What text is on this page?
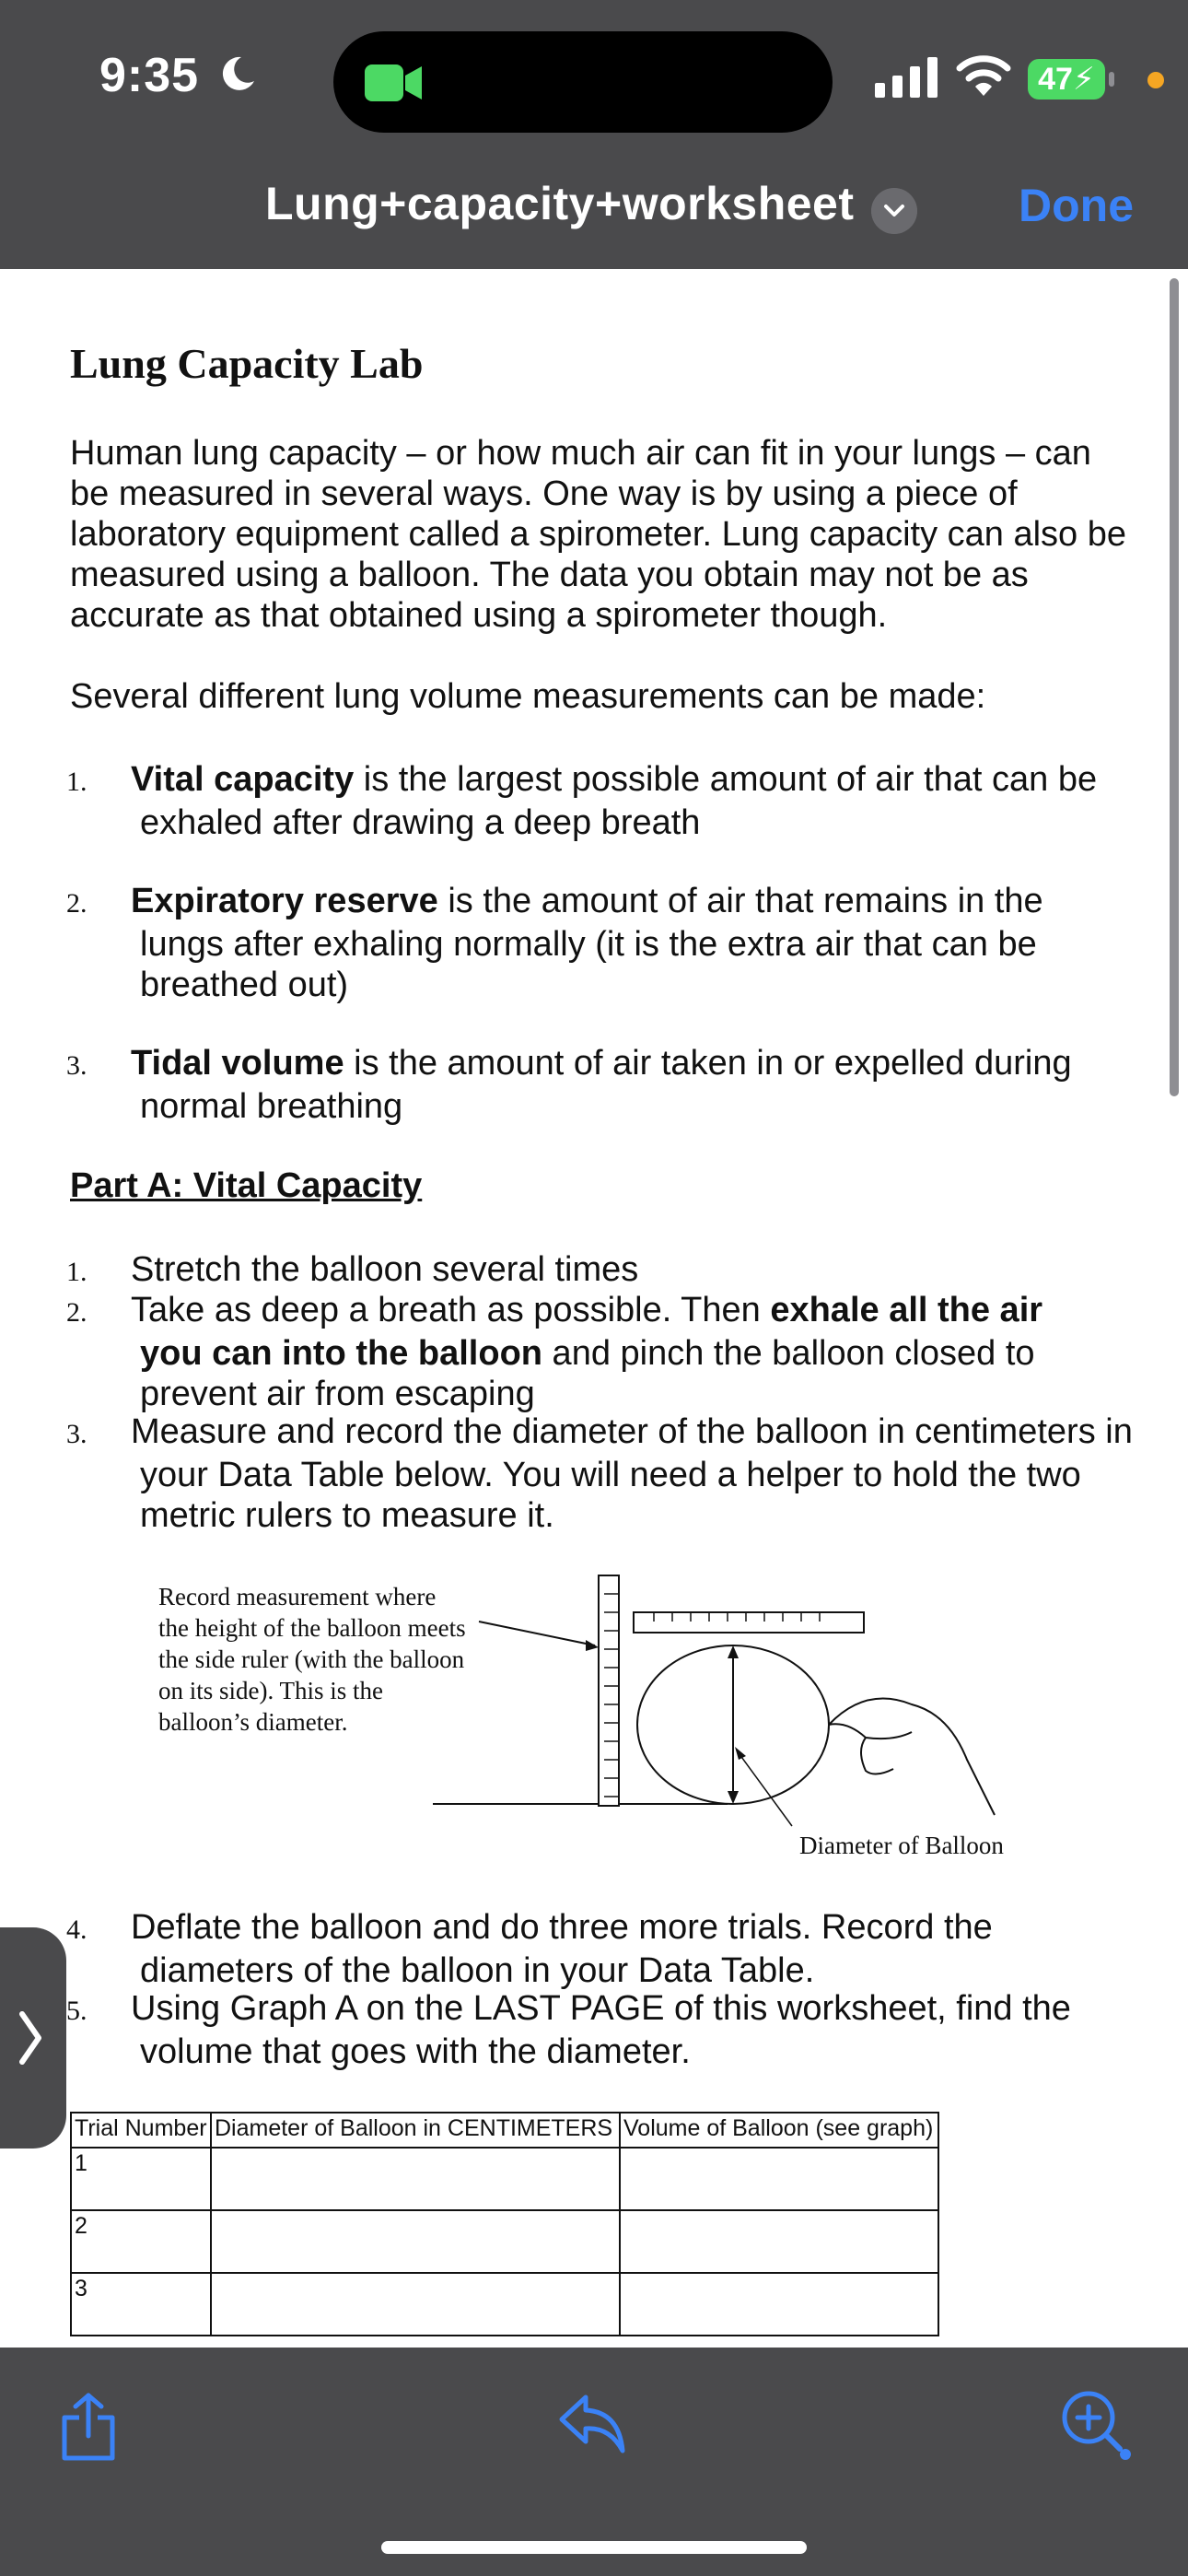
9:35	47⚡
Lung+capacity+worksheet	Done
Lung Capacity Lab

Human lung capacity – or how much air can fit in your lungs – can be measured in several ways. One way is by using a piece of laboratory equipment called a spirometer. Lung capacity can also be measured using a balloon. The data you obtain may not be as accurate as that obtained using a spirometer though.

Several different lung volume measurements can be made:

1. Vital capacity is the largest possible amount of air that can be exhaled after drawing a deep breath

2. Expiratory reserve is the amount of air that remains in the lungs after exhaling normally (it is the extra air that can be breathed out)

3. Tidal volume is the amount of air taken in or expelled during normal breathing

Part A: Vital Capacity

1. Stretch the balloon several times

2. Take as deep a breath as possible. Then exhale all the air you can into the balloon and pinch the balloon closed to prevent air from escaping

3. Measure and record the diameter of the balloon in centimeters in your Data Table below. You will need a helper to hold the two metric rulers to measure it.

Record measurement where the height of the balloon meets the side ruler (with the balloon on its side). This is the balloon’s diameter.
Diameter of Balloon

4. Deflate the balloon and do three more trials. Record the diameters of the balloon in your Data Table.

5. Using Graph A on the LAST PAGE of this worksheet, find the volume that goes with the diameter.

Trial Number	Diameter of Balloon in CENTIMETERS	Volume of Balloon (see graph)
1		
2		
3		
